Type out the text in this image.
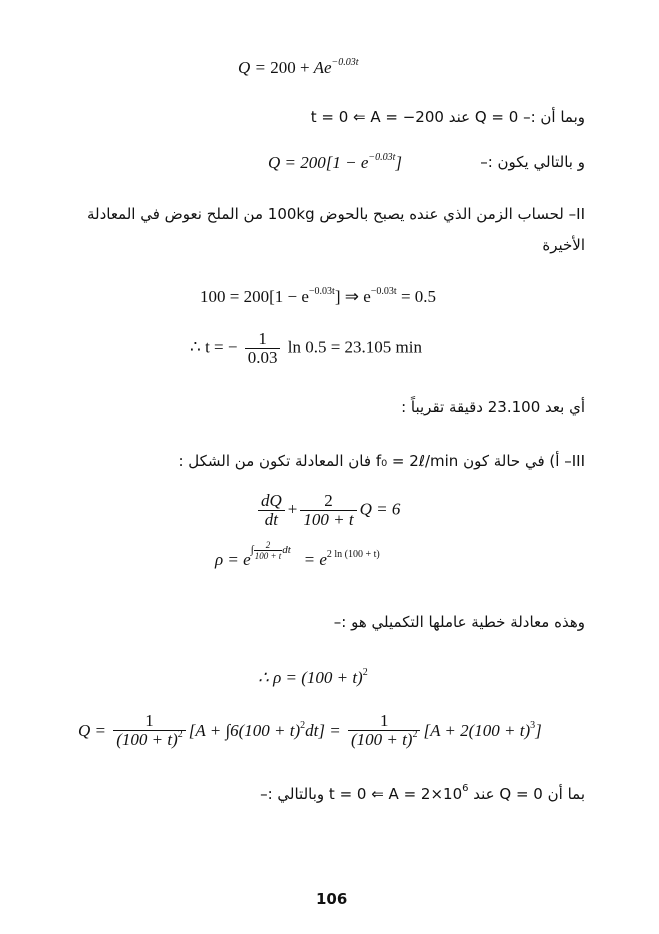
$Q = 200 + Ae^{-0.03t}$
وبما أن :– Q = 0 عند t = 0 ⇐ A = −200
و بالتالي يكون :–
$Q = 200[1 - e^{-0.03t}]$
II– لحساب الزمن الذي عنده يصبح بالحوض 100kg من الملح نعوض في المعادلة
الأخيرة
$100 = 200[1 - e^{-0.03t}]$ ⇒ $e^{-0.03t} = 0.5$
∴ t = − $\frac{1}{0.03}$ ln 0.5 = 23.105 min
أي بعد 23.100 دقيقة تقريباً :
III– أ) في حالة كون f₀ = 2ℓ/min فان المعادلة تكون من الشكل :
$\frac{dQ}{dt} + \frac{2}{100 + t}$ Q = 6
$\rho = e^{\int \frac{2}{100 + t} dt} = e^{2 ln (100 + t)}$
وهذه معادلة خطية عاملها التكميلي هو :–
∴ $\rho = (100 + t)^2$
$Q = \frac{1}{(100 + t)^2} [A + \int 6(100 + t)^2dt] = \frac{1}{(100 + t)^2} [A + 2(100 + t)^3]$
بما أن Q = 0 عند t = 0 ⇐ $A = 2\times 10^6$ وبالتالي :–
106
